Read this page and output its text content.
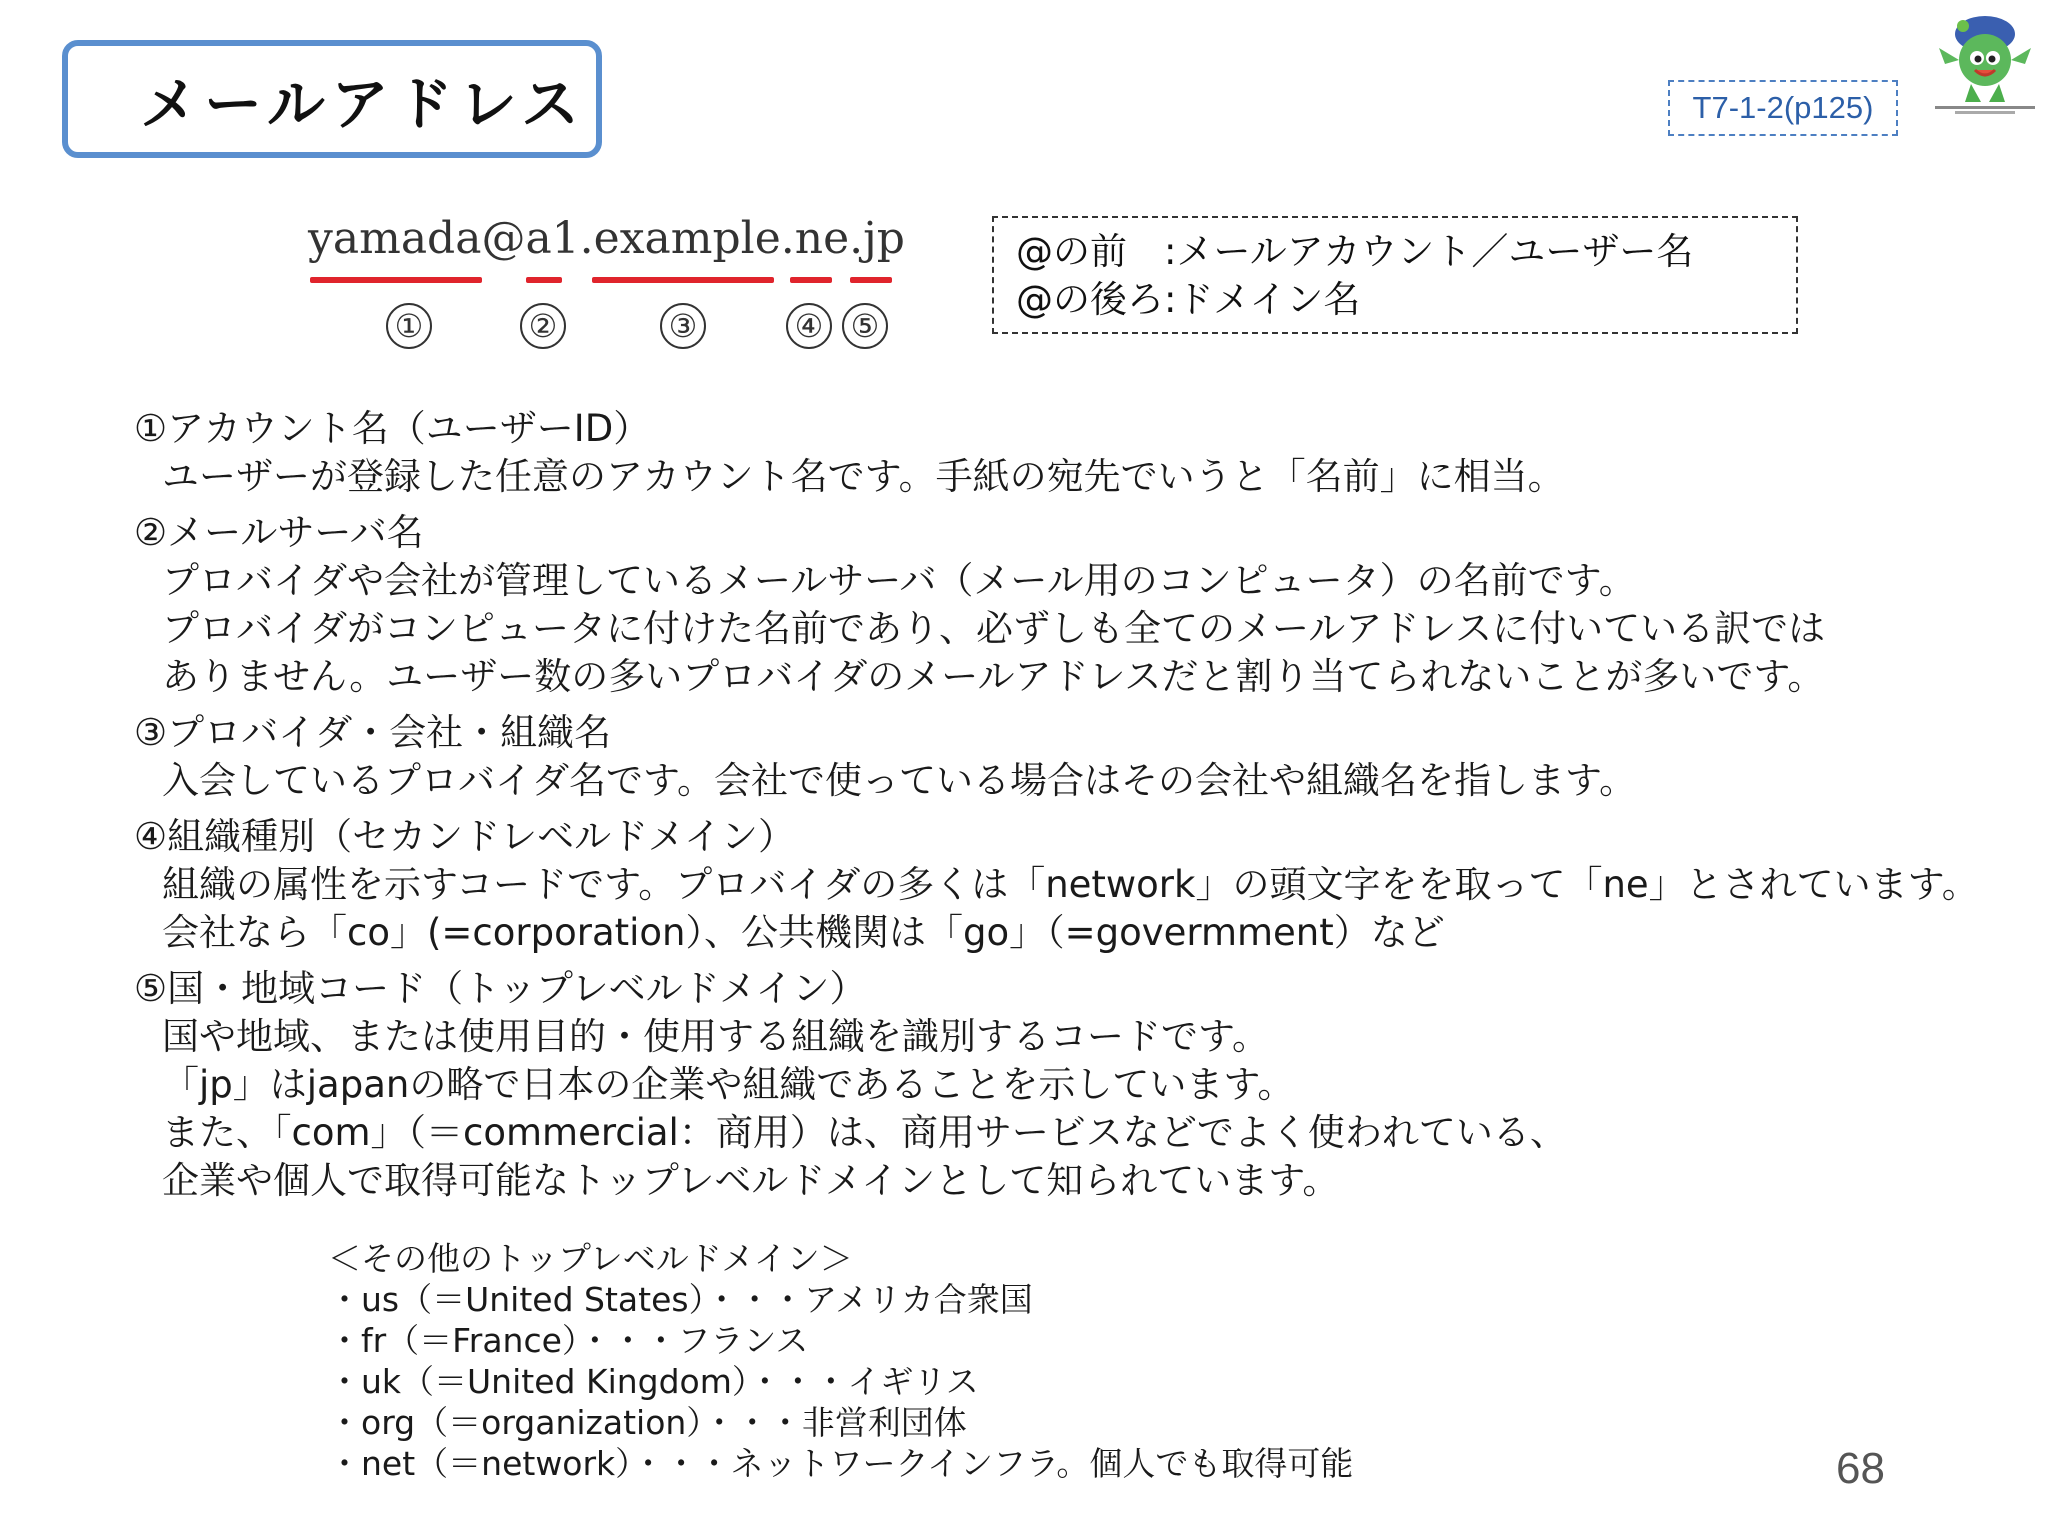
メールアドレス	T7-1-2(p125)
yamada@a1.example.ne.jp
①	②	③	④ ⑤
@の前　:メールアカウント／ユーザー名
@の後ろ:ドメイン名
①アカウント名（ユーザーID）
ユーザーが登録した任意のアカウント名です。手紙の宛先でいうと「名前」に相当。
②メールサーバ名
プロバイダや会社が管理しているメールサーバ（メール用のコンピュータ）の名前です。
プロバイダがコンピュータに付けた名前であり、必ずしも全てのメールアドレスに付いている訳では
ありません。ユーザー数の多いプロバイダのメールアドレスだと割り当てられないことが多いです。
③プロバイダ・会社・組織名
入会しているプロバイダ名です。会社で使っている場合はその会社や組織名を指します。
④組織種別（セカンドレベルドメイン）
組織の属性を示すコードです。プロバイダの多くは「network」の頭文字をを取って「ne」とされています。
会社なら「co」(=corporation）、公共機関は「go」（=govermment）など
⑤国・地域コード（トップレベルドメイン）
国や地域、または使用目的・使用する組織を識別するコードです。
「jp」はjapanの略で日本の企業や組織であることを示しています。
また、「com」（＝commercial：商用）は、商用サービスなどでよく使われている、
企業や個人で取得可能なトップレベルドメインとして知られています。
＜その他のトップレベルドメイン＞
・us（＝United States）・・・アメリカ合衆国
・fr（＝France）・・・フランス
・uk（＝United Kingdom）・・・イギリス
・org（＝organization）・・・非営利団体
・net（＝network）・・・ネットワークインフラ。個人でも取得可能	68
